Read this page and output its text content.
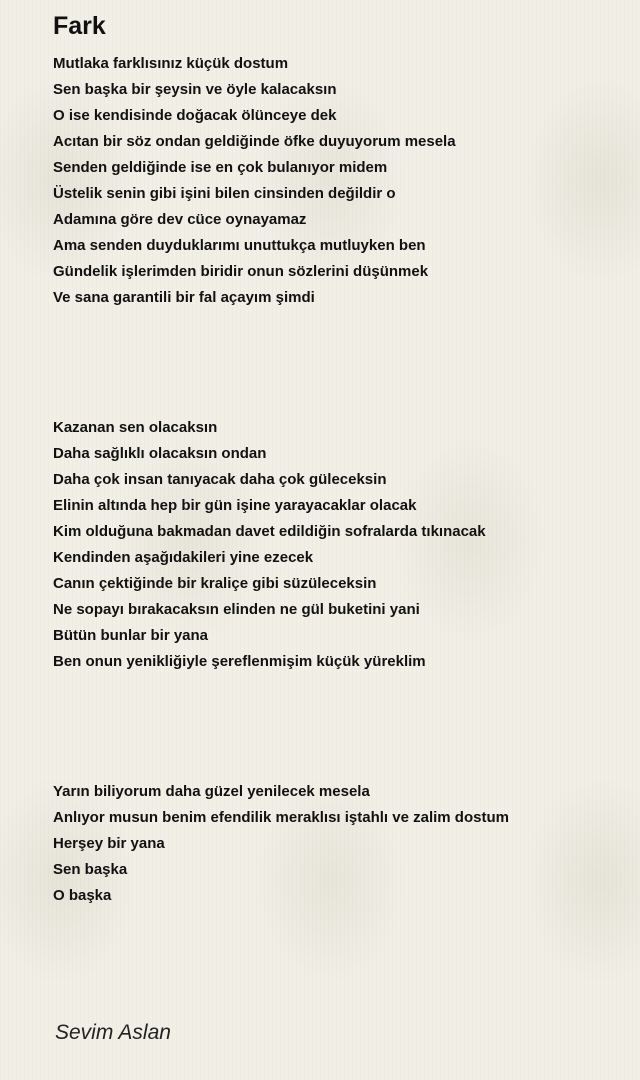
Fark

Mutlaka farklısınız küçük dostum
Sen başka bir şeysin ve öyle kalacaksın
O ise kendisinde doğacak ölünceye dek
Acıtan bir söz ondan geldiğinde öfke duyuyorum mesela
Senden geldiğinde ise en çok bulanıyor midem
Üstelik senin gibi işini bilen cinsinden değildir o
Adamına göre dev cüce oynayamaz
Ama senden duyduklarımı unuttukça mutluyken ben
Gündelik işlerimden biridir onun sözlerini düşünmek
Ve sana garantili bir fal açayım şimdi

Kazanan sen olacaksın
Daha sağlıklı olacaksın ondan
Daha çok insan tanıyacak daha çok güleceksin
Elinin altında hep bir gün işine yarayacaklar olacak
Kim olduğuna bakmadan davet edildiğin sofralarda tıkınacak
Kendinden aşağıdakileri yine ezecek
Canın çektiğinde bir kraliçe gibi süzüleceksin
Ne sopayı bırakacaksın elinden ne gül buketini yani
Bütün bunlar bir yana
Ben onun yenikliğiyle şereflenmişim küçük yüreklim

Yarın biliyorum daha güzel yenilecek mesela
Anlıyor musun benim efendilik meraklısı iştahlı ve zalim dostum
Herşey bir yana
Sen başka
O başka

Sevim Aslan
